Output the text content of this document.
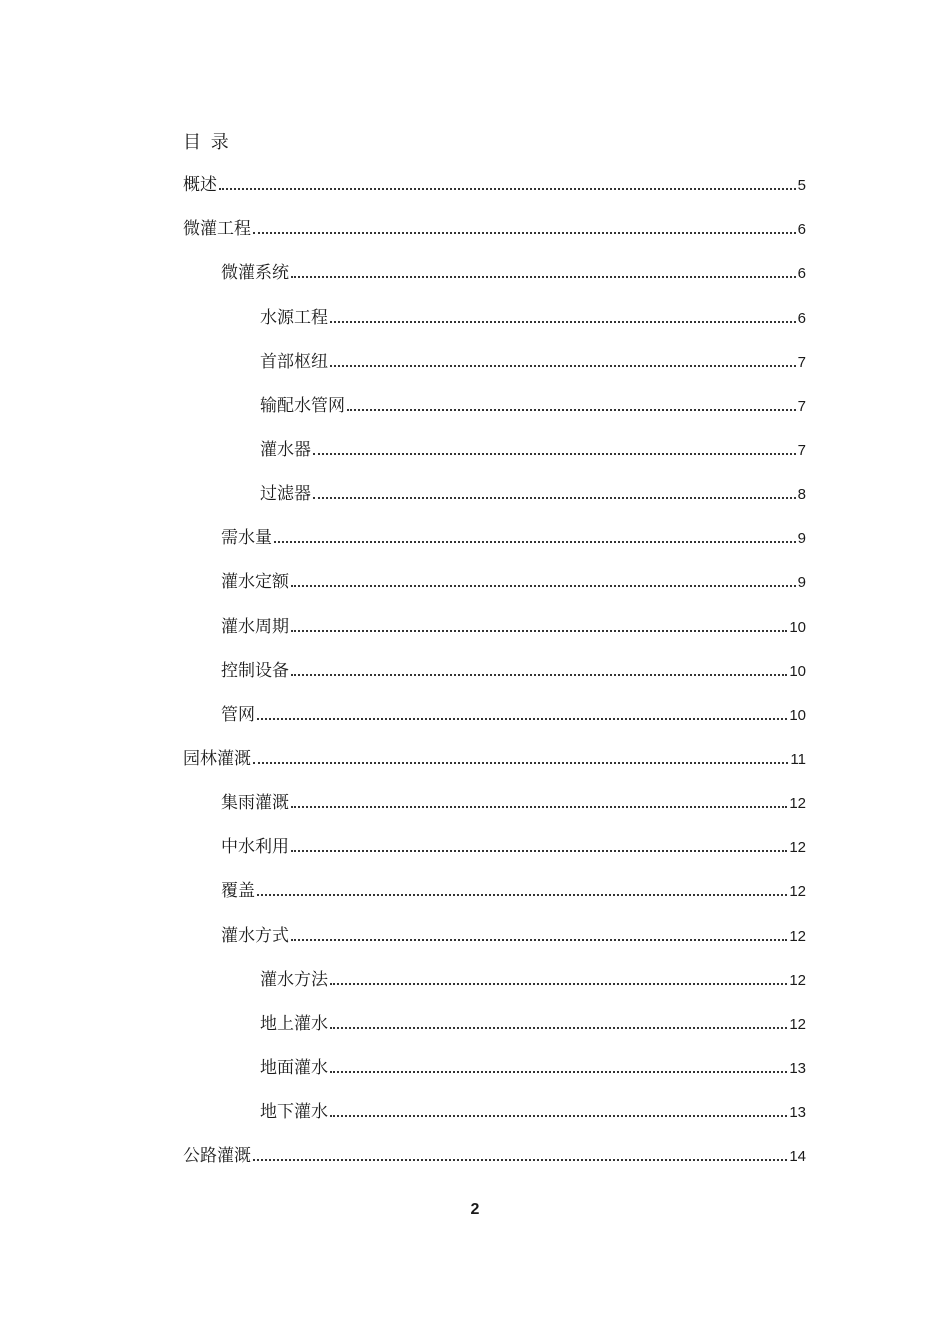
目 录
概述	5
微灌工程	6
微灌系统	6
水源工程	6
首部枢纽	7
输配水管网	7
灌水器	7
过滤器	8
需水量	9
灌水定额	9
灌水周期	10
控制设备	10
管网	10
园林灌溉	11
集雨灌溉	12
中水利用	12
覆盖	12
灌水方式	12
灌水方法	12
地上灌水	12
地面灌水	13
地下灌水	13
公路灌溉	14
2
